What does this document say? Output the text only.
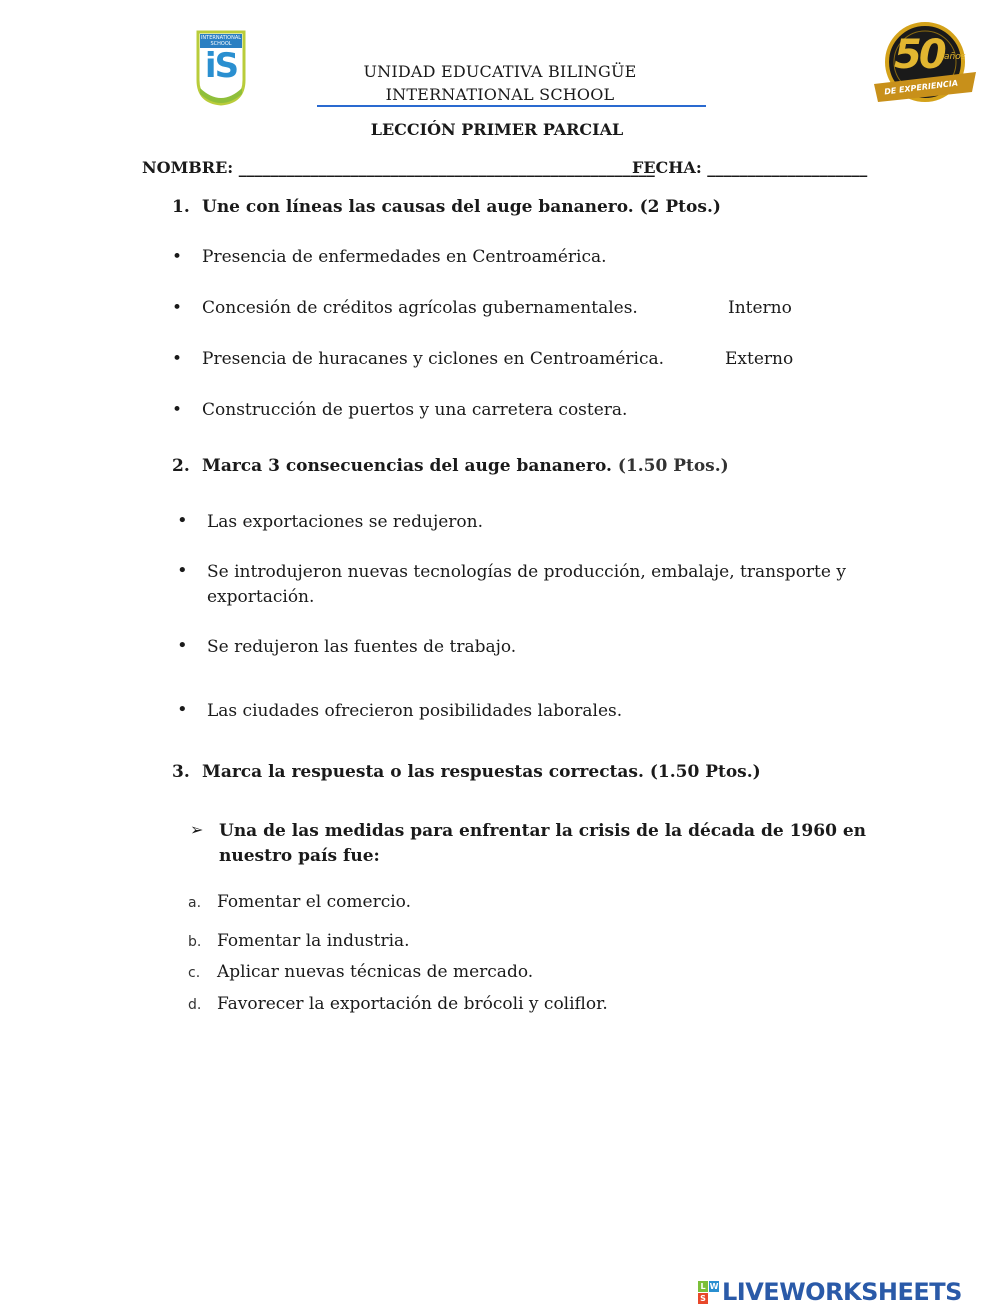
INTERNATIONAL SCHOOL
iS	UNIDAD EDUCATIVA BILINGÜE
INTERNATIONAL SCHOOL
LECCIÓN PRIMER PARCIAL
50 años
DE EXPERIENCIA
NOMBRE: ____________________________________________________
FECHA: ____________________
1. Une con líneas las causas del auge bananero. (2 Ptos.)
• Presencia de enfermedades en Centroamérica.
• Concesión de créditos agrícolas gubernamentales.
• Presencia de huracanes y ciclones en Centroamérica.
• Construcción de puertos y una carretera costera.
Interno
Externo
2. Marca 3 consecuencias del auge bananero. (1.50 Ptos.)
• Las exportaciones se redujeron.
• Se introdujeron nuevas tecnologías de producción, embalaje, transporte y
exportación.
• Se redujeron las fuentes de trabajo.
• Las ciudades ofrecieron posibilidades laborales.
3. Marca la respuesta o las respuestas correctas. (1.50 Ptos.)
➢ Una de las medidas para enfrentar la crisis de la década de 1960 en
nuestro país fue:
a. Fomentar el comercio.
b. Fomentar la industria.
c. Aplicar nuevas técnicas de mercado.
d. Favorecer la exportación de brócoli y coliflor.
L W
S LIVEWORKSHEETS
